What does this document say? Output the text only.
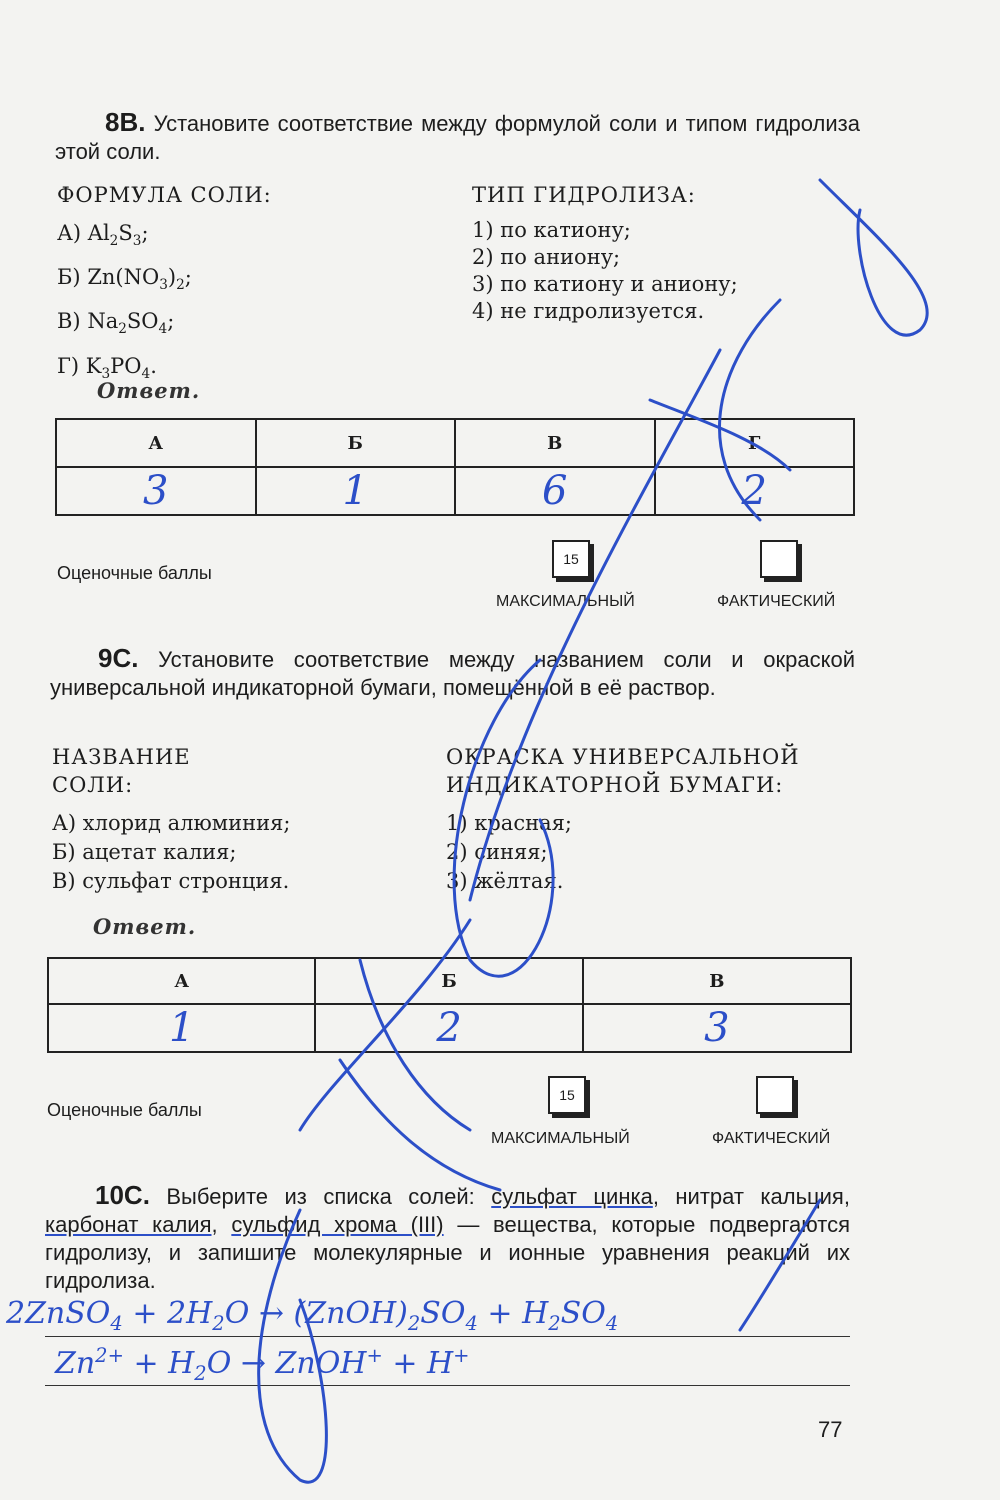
8B. Установите соответствие между формулой соли и типом гидролиза этой соли.
ФОРМУЛА СОЛИ:	ТИП ГИДРОЛИЗА:
А) $Al_2S_3$;
Б) $Zn(NO_3)_2$;
В) $Na_2SO_4$;
Г) $K_3PO_4$.
1) по катиону;
2) по аниону;
3) по катиону и аниону;
4) не гидролизуется.
Ответ.
А	Б	В	Г
3	1	6	2
Оценочные баллы
15
МАКСИМАЛЬНЫЙ	ФАКТИЧЕСКИЙ
9C. Установите соответствие между названием соли и окраской универсальной индикаторной бумаги, помещённой в её раствор.
НАЗВАНИЕ
СОЛИ:
ОКРАСКА УНИВЕРСАЛЬНОЙ
ИНДИКАТОРНОЙ БУМАГИ:
А) хлорид алюминия;
Б) ацетат калия;
В) сульфат стронция.
1) красная;
2) синяя;
3) жёлтая.
Ответ.
А	Б	В
1	2	3
Оценочные баллы
15
МАКСИМАЛЬНЫЙ	ФАКТИЧЕСКИЙ
10C. Выберите из списка солей: сульфат цинка, нитрат кальция, карбонат калия, сульфид хрома (III) — вещества, которые подвергаются гидролизу, и запишите молекулярные и ионные уравнения реакций их гидролиза.
2ZnSO$_4$ + $2H_2O$ → $(ZnOH)_2SO_4 + H_2SO_4$
$Zn^{2+} + H_2O$ → ZnOH+ + H+
77
